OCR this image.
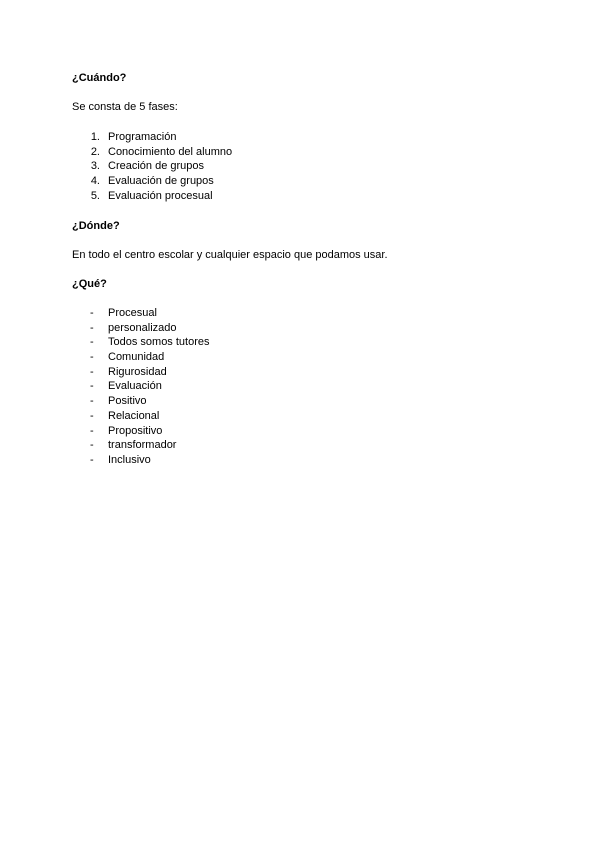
¿Cuándo?

Se consta de 5 fases:

1. Programación
2. Conocimiento del alumno
3. Creación de grupos
4. Evaluación de grupos
5. Evaluación procesual
¿Dónde?

En todo el centro escolar y cualquier espacio que podamos usar.

¿Qué?
- Procesual
- personalizado
- Todos somos tutores
- Comunidad
- Rigurosidad
- Evaluación
- Positivo
- Relacional
- Propositivo
- transformador
- Inclusivo
